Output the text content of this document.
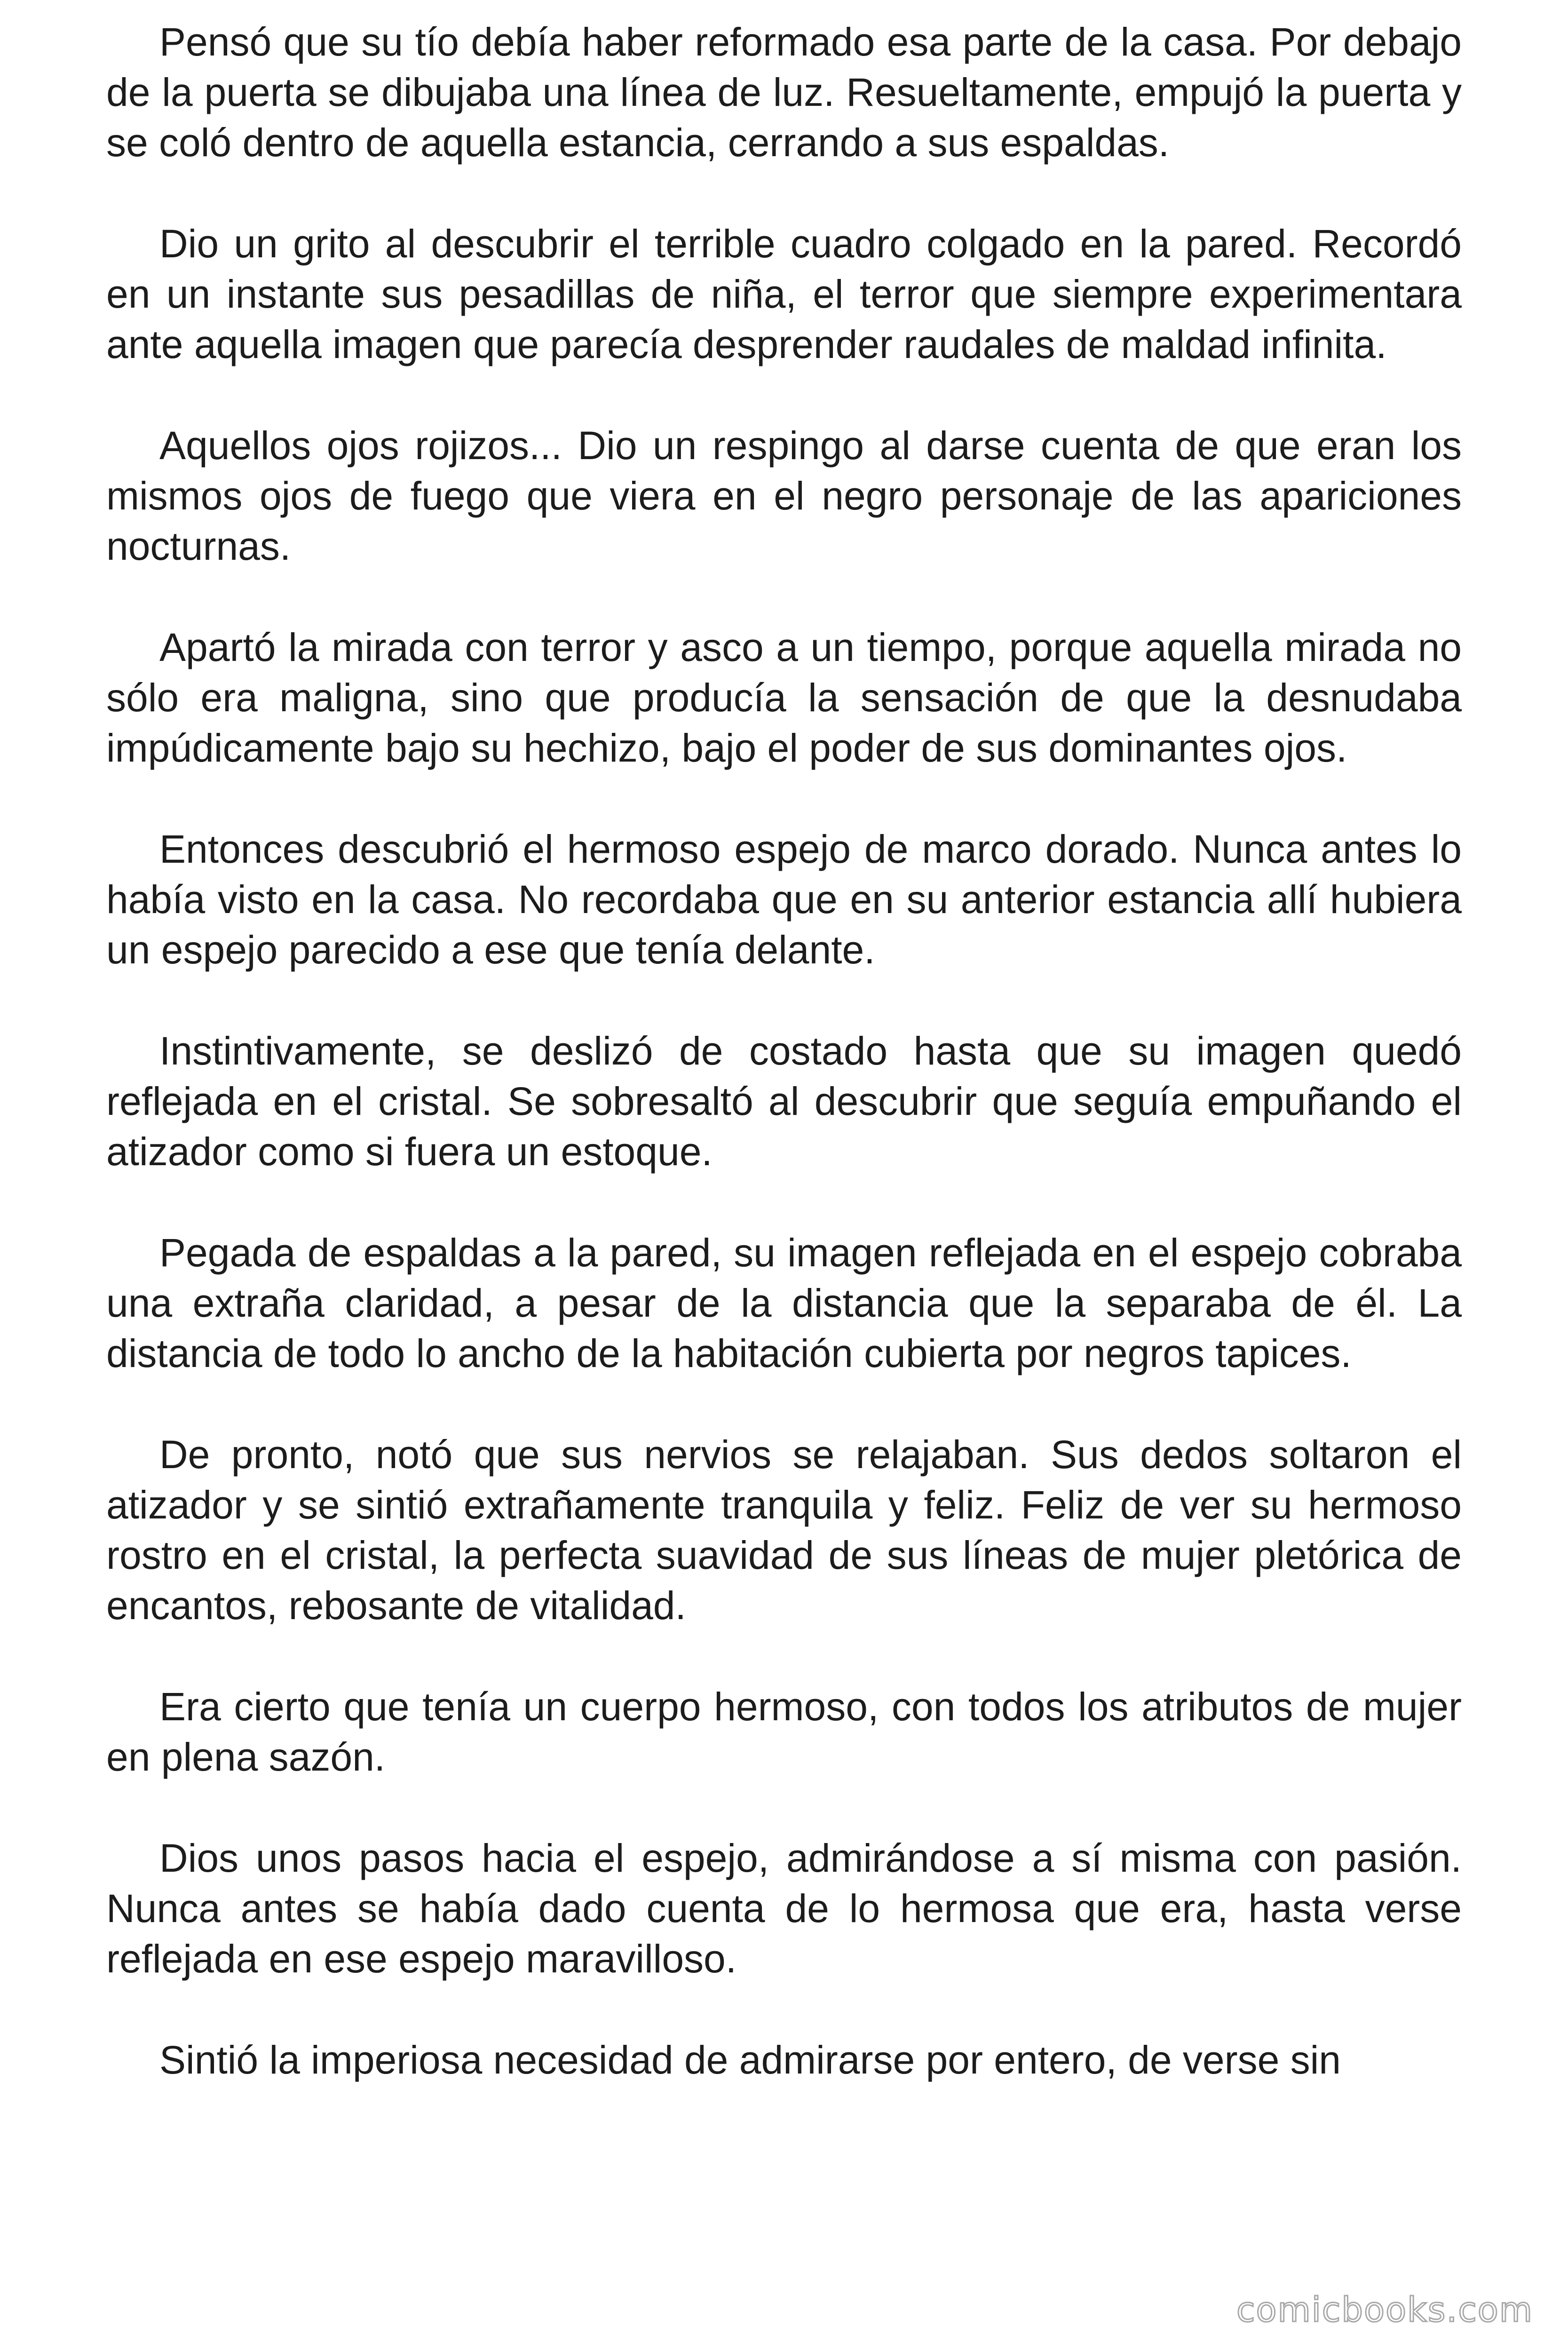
Pensó que su tío debía haber reformado esa parte de la casa. Por debajo de la puerta se dibujaba una línea de luz. Resueltamente, empujó la puerta y se coló dentro de aquella estancia, cerrando a sus espaldas.

Dio un grito al descubrir el terrible cuadro colgado en la pared. Recordó en un instante sus pesadillas de niña, el terror que siempre experimentara ante aquella imagen que parecía desprender raudales de maldad infinita.

Aquellos ojos rojizos... Dio un respingo al darse cuenta de que eran los mismos ojos de fuego que viera en el negro personaje de las apariciones nocturnas.

Apartó la mirada con terror y asco a un tiempo, porque aquella mirada no sólo era maligna, sino que producía la sensación de que la desnudaba impúdicamente bajo su hechizo, bajo el poder de sus dominantes ojos.

Entonces descubrió el hermoso espejo de marco dorado. Nunca antes lo había visto en la casa. No recordaba que en su anterior estancia allí hubiera un espejo parecido a ese que tenía delante.

Instintivamente, se deslizó de costado hasta que su imagen quedó reflejada en el cristal. Se sobresaltó al descubrir que seguía empuñando el atizador como si fuera un estoque.

Pegada de espaldas a la pared, su imagen reflejada en el espejo cobraba una extraña claridad, a pesar de la distancia que la separaba de él. La distancia de todo lo ancho de la habitación cubierta por negros tapices.

De pronto, notó que sus nervios se relajaban. Sus dedos soltaron el atizador y se sintió extrañamente tranquila y feliz. Feliz de ver su hermoso rostro en el cristal, la perfecta suavidad de sus líneas de mujer pletórica de encantos, rebosante de vitalidad.

Era cierto que tenía un cuerpo hermoso, con todos los atributos de mujer en plena sazón.

Dios unos pasos hacia el espejo, admirándose a sí misma con pasión. Nunca antes se había dado cuenta de lo hermosa que era, hasta verse reflejada en ese espejo maravilloso.

Sintió la imperiosa necesidad de admirarse por entero, de verse sin

comicbooks.com
